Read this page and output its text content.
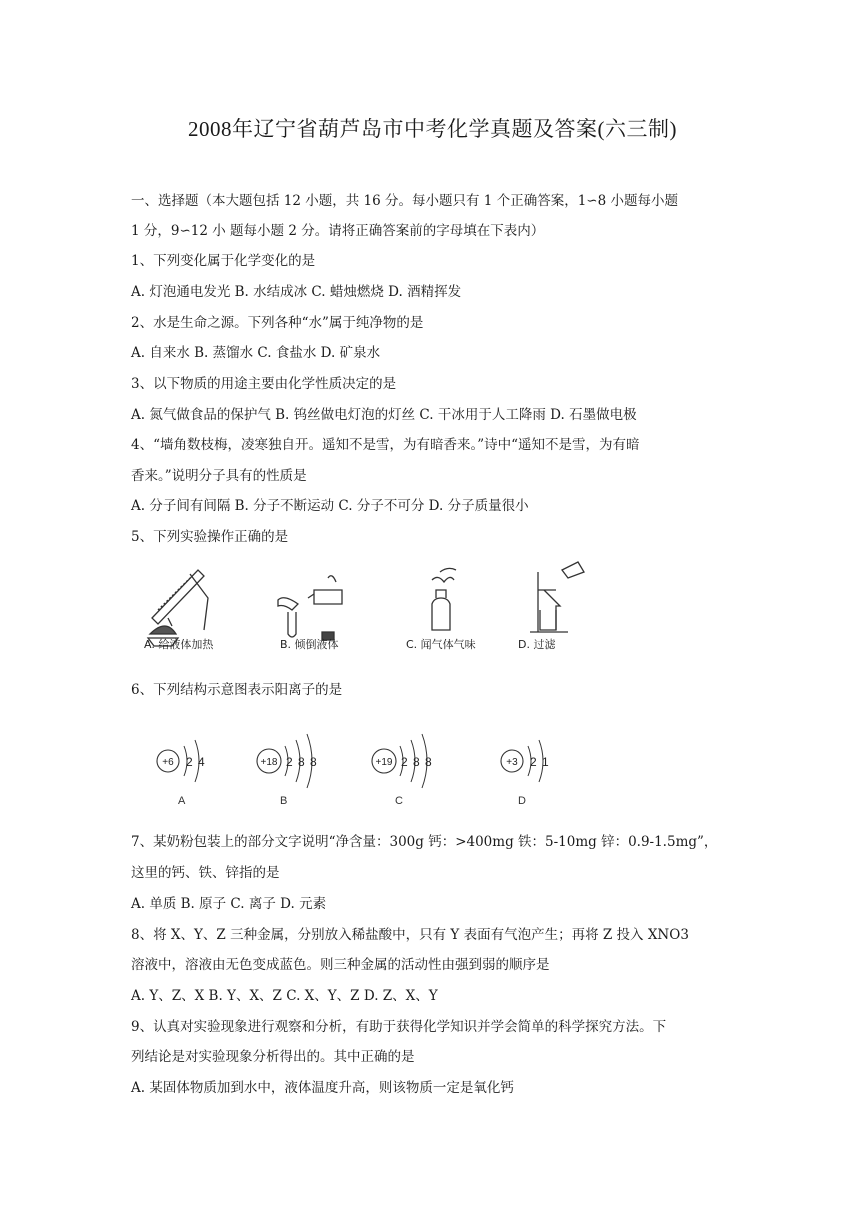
2008年辽宁省葫芦岛市中考化学真题及答案(六三制)
一、选择题（本大题包括 12 小题，共 16 分。每小题只有 1 个正确答案，1∽8 小题每小题
1 分，9∽12 小 题每小题 2 分。请将正确答案前的字母填在下表内）
1、下列变化属于化学变化的是
A. 灯泡通电发光 B. 水结成冰 C. 蜡烛燃烧 D. 酒精挥发
2、水是生命之源。下列各种“水”属于纯净物的是
A. 自来水 B. 蒸馏水 C. 食盐水 D. 矿泉水
3、以下物质的用途主要由化学性质决定的是
A. 氮气做食品的保护气 B. 钨丝做电灯泡的灯丝 C. 干冰用于人工降雨 D. 石墨做电极
4、“墙角数枝梅，凌寒独自开。遥知不是雪，为有暗香来。”诗中“遥知不是雪，为有暗
香来。”说明分子具有的性质是
A. 分子间有间隔 B. 分子不断运动 C. 分子不可分 D. 分子质量很小
5、下列实验操作正确的是
A. 给液体加热	B. 倾倒液体	C. 闻气体气味	D. 过滤
6、下列结构示意图表示阳离子的是
+6 2 4
A
+18 2 8 8
B
+19 2 8 8
C
+3 2 1
D
7、某奶粉包装上的部分文字说明“净含量：300g 钙：>400mg 铁：5-10mg 锌：0.9-1.5mg”，
这里的钙、铁、锌指的是
A. 单质 B. 原子 C. 离子 D. 元素
8、将 X、Y、Z 三种金属，分别放入稀盐酸中，只有 Y 表面有气泡产生；再将 Z 投入 XNO3
溶液中，溶液由无色变成蓝色。则三种金属的活动性由强到弱的顺序是
A. Y、Z、X B. Y、X、Z C. X、Y、Z D. Z、X、Y
9、认真对实验现象进行观察和分析，有助于获得化学知识并学会简单的科学探究方法。下
列结论是对实验现象分析得出的。其中正确的是
A. 某固体物质加到水中，液体温度升高，则该物质一定是氧化钙
